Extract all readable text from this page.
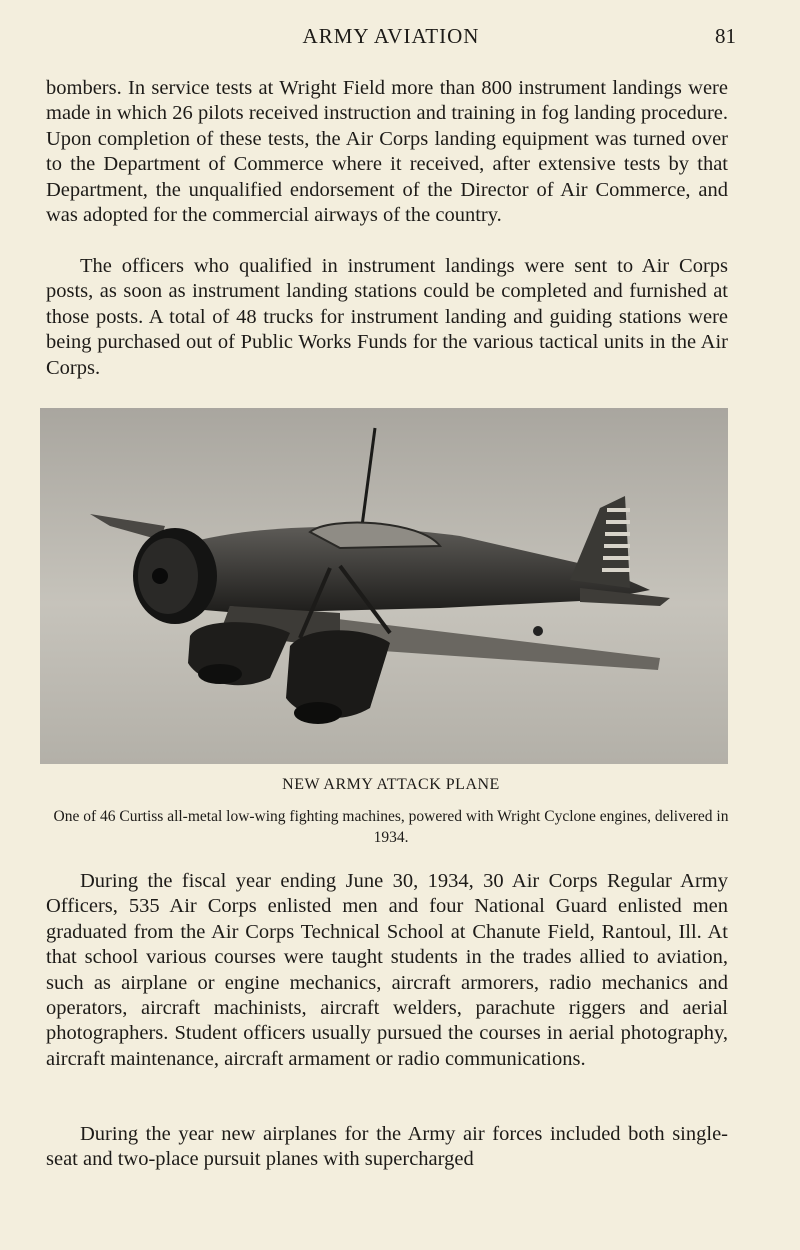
ARMY AVIATION	81

bombers. In service tests at Wright Field more than 800 instrument landings were made in which 26 pilots received instruction and training in fog landing procedure. Upon completion of these tests, the Air Corps landing equipment was turned over to the Department of Commerce where it received, after extensive tests by that Department, the unqualified endorsement of the Director of Air Commerce, and was adopted for the commercial airways of the country.

The officers who qualified in instrument landings were sent to Air Corps posts, as soon as instrument landing stations could be completed and furnished at those posts. A total of 48 trucks for instrument landing and guiding stations were being purchased out of Public Works Funds for the various tactical units in the Air Corps.

NEW ARMY ATTACK PLANE
One of 46 Curtiss all-metal low-wing fighting machines, powered with Wright Cyclone engines, delivered in 1934.

During the fiscal year ending June 30, 1934, 30 Air Corps Regular Army Officers, 535 Air Corps enlisted men and four National Guard enlisted men graduated from the Air Corps Technical School at Chanute Field, Rantoul, Ill. At that school various courses were taught students in the trades allied to aviation, such as airplane or engine mechanics, aircraft armorers, radio mechanics and operators, aircraft machinists, aircraft welders, parachute riggers and aerial photographers. Student officers usually pursued the courses in aerial photography, aircraft maintenance, aircraft armament or radio communications.

During the year new airplanes for the Army air forces included both single-seat and two-place pursuit planes with supercharged
